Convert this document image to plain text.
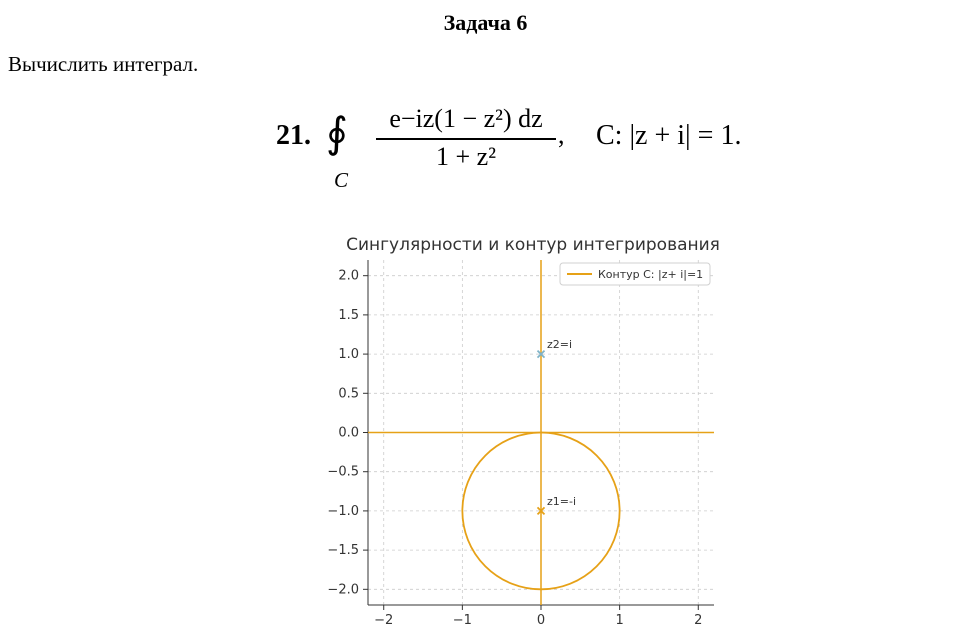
Задача 6
Вычислить интеграл.
21. ∮
C
e−iz(1 − z²) dz
1 + z²
, C: |z + i| = 1.
Сингулярности и контур интегрирования
−2	−1	0	1	2
−2.0
−1.5
−1.0
−0.5
0.0
0.5
1.0
1.5
2.0
z1=-i
z2=i
Контур C: |z+ i|=1
